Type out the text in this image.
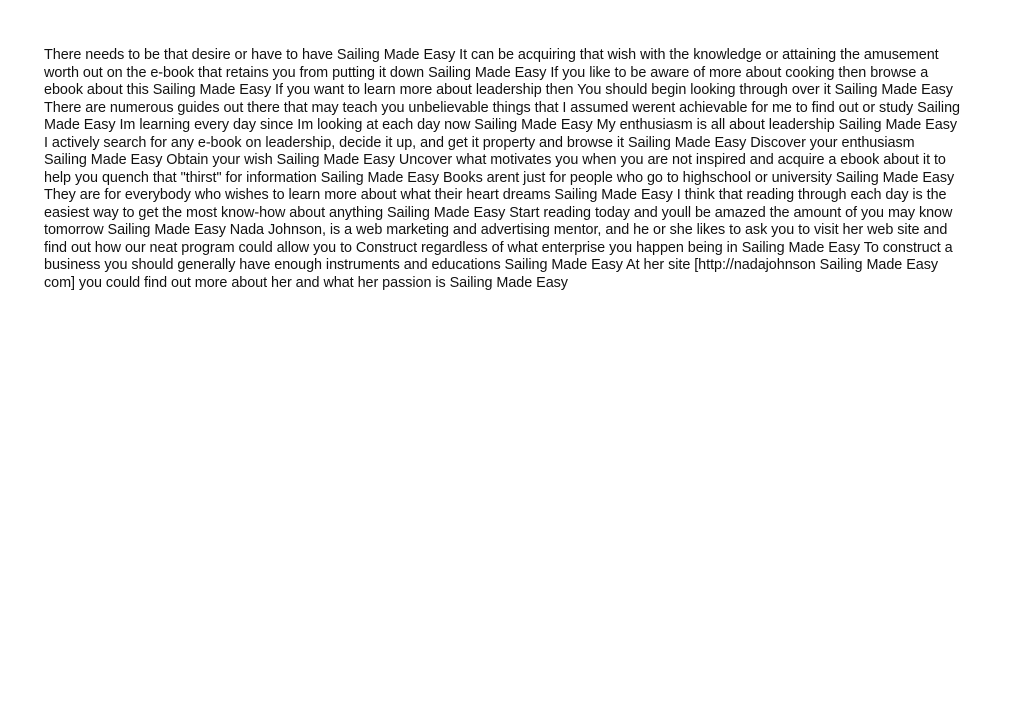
There needs to be that desire or have to have Sailing Made Easy It can be acquiring that wish with the knowledge or attaining the amusement
worth out on the e-book that retains you from putting it down Sailing Made Easy If you like to be aware of more about cooking then browse a
ebook about this Sailing Made Easy If you want to learn more about leadership then You should begin looking through over it Sailing Made Easy
There are numerous guides out there that may teach you unbelievable things that I assumed werent achievable for me to find out or study Sailing
Made Easy Im learning every day since Im looking at each day now Sailing Made Easy My enthusiasm is all about leadership Sailing Made Easy
I actively search for any e-book on leadership, decide it up, and get it property and browse it Sailing Made Easy Discover your enthusiasm
Sailing Made Easy Obtain your wish Sailing Made Easy Uncover what motivates you when you are not inspired and acquire a ebook about it to
help you quench that "thirst" for information Sailing Made Easy Books arent just for people who go to highschool or university Sailing Made Easy
They are for everybody who wishes to learn more about what their heart dreams Sailing Made Easy I think that reading through each day is the
easiest way to get the most know-how about anything Sailing Made Easy Start reading today and youll be amazed the amount of you may know
tomorrow Sailing Made Easy Nada Johnson, is a web marketing and advertising mentor, and he or she likes to ask you to visit her web site and
find out how our neat program could allow you to Construct regardless of what enterprise you happen being in Sailing Made Easy To construct a
business you should generally have enough instruments and educations Sailing Made Easy At her site [http://nadajohnson Sailing Made Easy
com] you could find out more about her and what her passion is Sailing Made Easy
